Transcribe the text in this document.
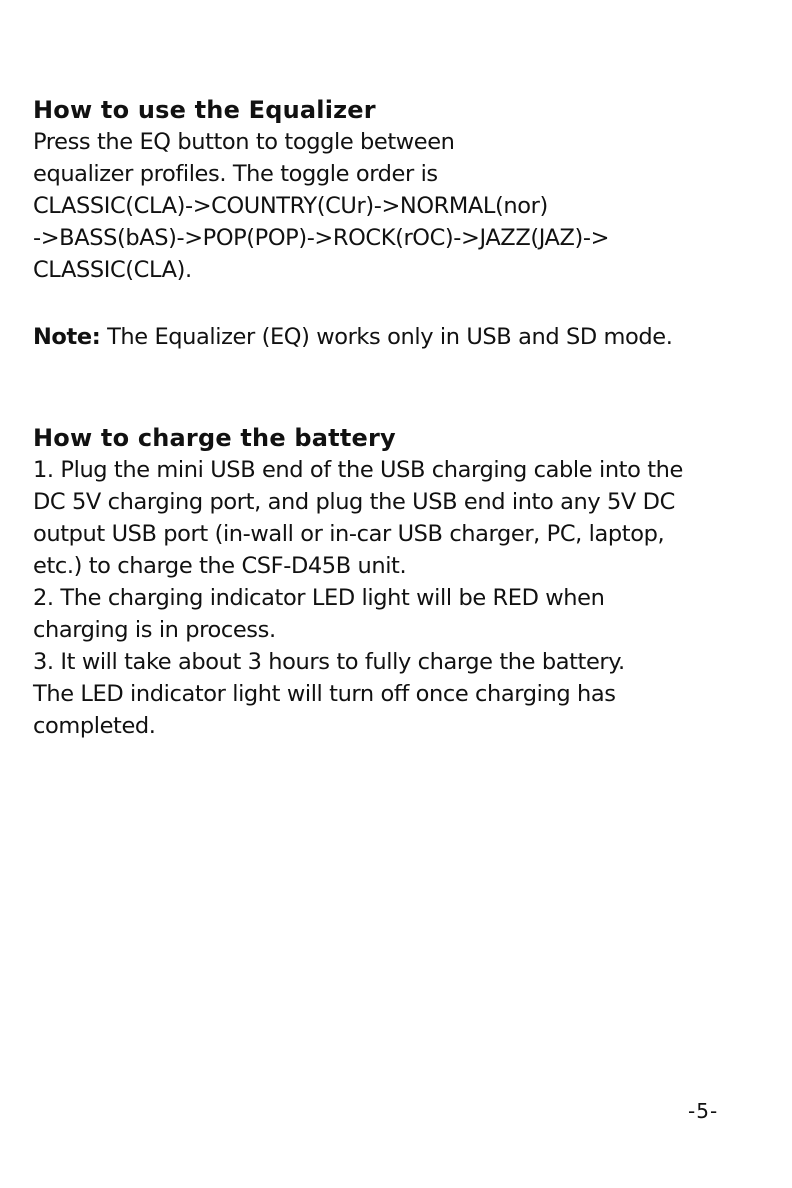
How to use the Equalizer

Press the EQ button to toggle between
equalizer profiles. The toggle order is
CLASSIC(CLA)->COUNTRY(CUr)->NORMAL(nor)
->BASS(bAS)->POP(POP)->ROCK(rOC)->JAZZ(JAZ)->
CLASSIC(CLA).

Note: The Equalizer (EQ) works only in USB and SD mode.

How to charge the battery

1. Plug the mini USB end of the USB charging cable into the
DC 5V charging port, and plug the USB end into any 5V DC
output USB port (in-wall or in-car USB charger, PC, laptop,
etc.) to charge the CSF-D45B unit.
2. The charging indicator LED light will be RED when
charging is in process.
3. It will take about 3 hours to fully charge the battery.
The LED indicator light will turn off once charging has
completed.

-5-
